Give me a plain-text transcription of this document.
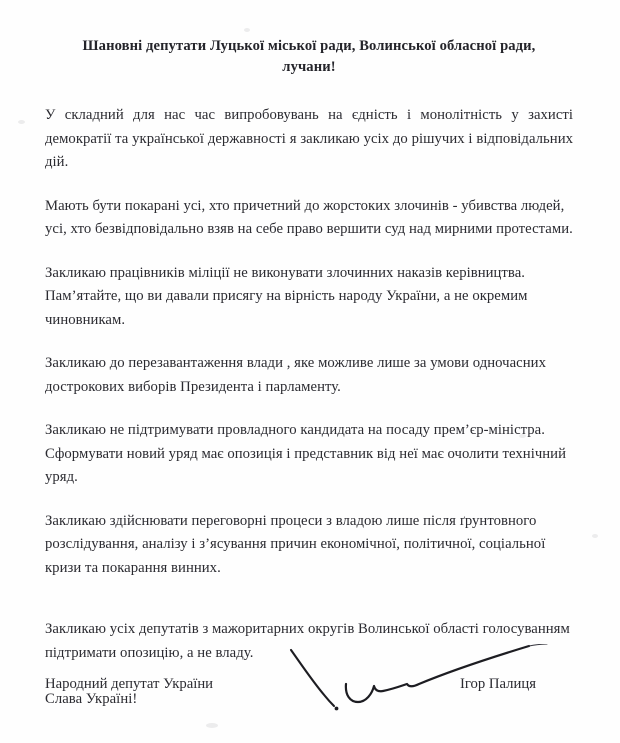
Шановні депутати Луцької міської ради, Волинської обласної ради,
лучани!

У складний для нас час випробовувань на єдність і монолітність у захисті демократії та української державності я закликаю усіх до рішучих і відповідальних дій.

Мають бути покарані усі, хто причетний до жорстоких злочинів - убивства людей, усі, хто безвідповідально взяв на себе право вершити суд над мирними протестами.

Закликаю працівників міліції не виконувати злочинних наказів керівництва. Пам’ятайте, що ви давали присягу на вірність народу України, а не окремим чиновникам.

Закликаю до перезавантаження влади , яке можливе лише за умови одночасних дострокових виборів Президента і парламенту.

Закликаю не підтримувати провладного кандидата на посаду прем’єр-міністра. Сформувати новий уряд має опозиція і представник від неї має очолити технічний уряд.

Закликаю здійснювати переговорні процеси з владою лише після ґрунтовного розслідування, аналізу і з’ясування причин економічної, політичної, соціальної кризи та покарання винних.

Закликаю усіх депутатів з мажоритарних округів Волинської області голосуванням підтримати опозицію, а не владу.

Слава Україні!

Народний депутат України	Ігор Палиця
